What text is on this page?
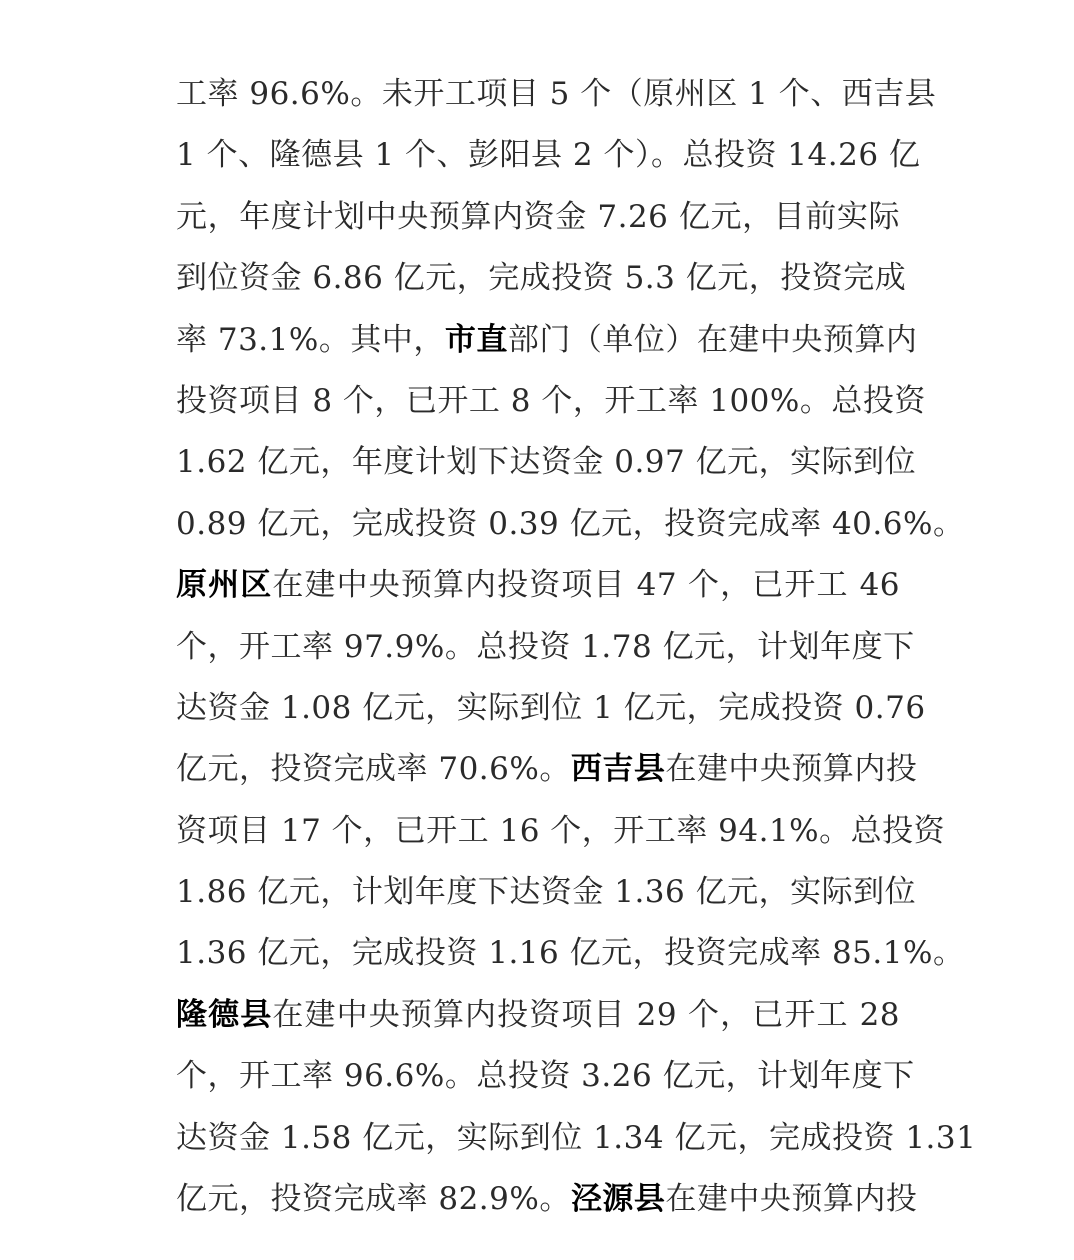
工率 96.6%。未开工项目 5 个（原州区 1 个、西吉县
1 个、隆德县 1 个、彭阳县 2 个）。总投资 14.26 亿
元，年度计划中央预算内资金 7.26 亿元，目前实际
到位资金 6.86 亿元，完成投资 5.3 亿元，投资完成
率 73.1%。其中，市直部门（单位）在建中央预算内
投资项目 8 个，已开工 8 个，开工率 100%。总投资
1.62 亿元，年度计划下达资金 0.97 亿元，实际到位
0.89 亿元，完成投资 0.39 亿元，投资完成率 40.6%。
原州区在建中央预算内投资项目 47 个，已开工 46
个，开工率 97.9%。总投资 1.78 亿元，计划年度下
达资金 1.08 亿元，实际到位 1 亿元，完成投资 0.76
亿元，投资完成率 70.6%。西吉县在建中央预算内投
资项目 17 个，已开工 16 个，开工率 94.1%。总投资
1.86 亿元，计划年度下达资金 1.36 亿元，实际到位
1.36 亿元，完成投资 1.16 亿元，投资完成率 85.1%。
隆德县在建中央预算内投资项目 29 个，已开工 28
个，开工率 96.6%。总投资 3.26 亿元，计划年度下
达资金 1.58 亿元，实际到位 1.34 亿元，完成投资 1.31
亿元，投资完成率 82.9%。泾源县在建中央预算内投
